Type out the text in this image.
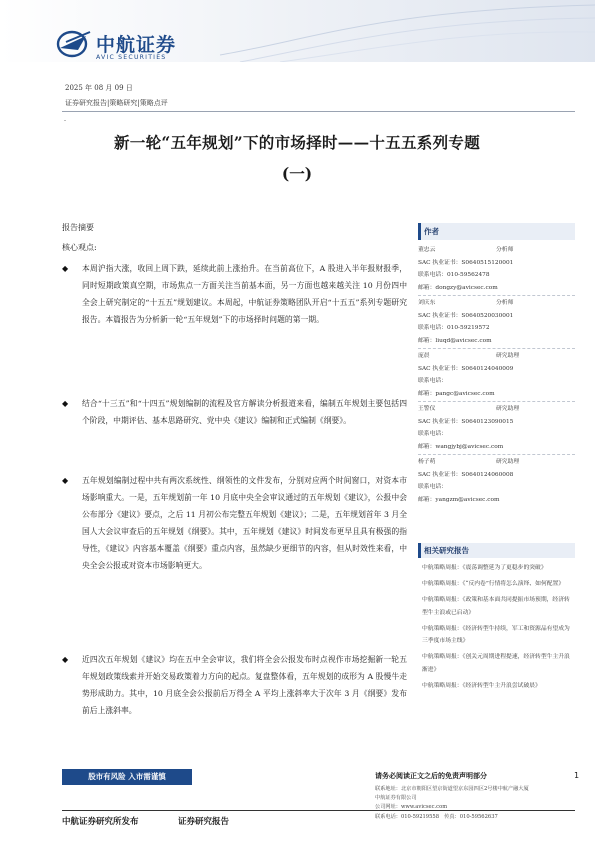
中航证券
AVIC SECURITIES
2025 年 08 月 09 日
证券研究报告|策略研究|策略点评
-
新一轮“五年规划”下的市场择时——十五五系列专题
(一)
报告摘要
核心观点:
◆ 本周沪指大涨，收回上周下跌，延续此前上涨抬升。在当前高位下，A 股进入半年报财报季，同时短期政策真空期，市场焦点一方面关注当前基本面，另一方面也越来越关注 10 月份四中全会上研究制定的“十五五”规划建议。本周起，中航证券策略团队开启“十五五”系列专题研究报告。本篇报告为分析新一轮“五年规划”下的市场择时问题的第一期。
◆ 结合“十三五”和“十四五”规划编制的流程及官方解读分析报道来看，编制五年规划主要包括四个阶段，中期评估、基本思路研究、党中央《建议》编制和正式编制《纲要》。
◆ 五年规划编制过程中共有两次系统性、纲领性的文件发布，分别对应两个时间窗口，对资本市场影响重大。一是，五年规划前一年 10 月底中央全会审议通过的五年规划《建议》，公报中会公布部分《建议》要点，之后 11 月初公布完整五年规划《建议》；二是，五年规划首年 3 月全国人大会议审查后的五年规划《纲要》。其中，五年规划《建议》时间发布更早且具有极强的指导性，《建议》内容基本覆盖《纲要》重点内容，虽然缺少更细节的内容，但从时效性来看，中央全会公报或对资本市场影响更大。
◆ 近四次五年规划《建议》均在五中全会审议，我们将全会公报发布时点视作市场挖掘新一轮五年规划政策线索并开始交易政策着力方向的起点。复盘整体看，五年规划的成形为 A 股慢牛走势形成助力。其中，10 月底全会公报前后万得全 A 平均上涨斜率大于次年 3 月《纲要》发布前后上涨斜率。
作者
董忠云	分析师
SAC 执业证书：S0640515120001
联系电话：010-59562478
邮箱：dongzy@avicsec.com
刘庆东	分析师
SAC 执业证书：S0640520030001
联系电话：010-59219572
邮箱：liuqd@avicsec.com
庞晨	研究助理
SAC 执业证书：S0640124040009
联系电话：
邮箱：pangc@avicsec.com
王警仪	研究助理
SAC 执业证书：S0640123090015
联系电话：
邮箱：wangjybj@avicsec.com
杨子萌	研究助理
SAC 执业证书：S0640124060008
联系电话：
邮箱：yangzm@avicsec.com
相关研究报告
中航策略周报：《震荡调整延为了更稳步的突破》
中航策略周报：《“反内卷”行情将怎么演绎、如何配置》
中航策略周报：《政策和基本面共同提振市场预期，经济转型牛主浪或已启动》
中航策略周报：《经济转型牛持续，军工和资源品有望成为三季度市场主线》
中航策略周报：《创关元周期进程提速，经济转型牛主升浪渐进》
中航策略周报：《经济转型牛主升浪尝试破晨》
股市有风险 入市需谨慎	请务必阅读正文之后的免责声明部分	1
联系地址：北京市朝阳区望京街道望京东园四区2号楼中航产融大厦
中航证券有限公司
公司网址：www.avicsec.com
联系电话：010-59219558　传真：010-59562637
中航证券研究所发布	证券研究报告
